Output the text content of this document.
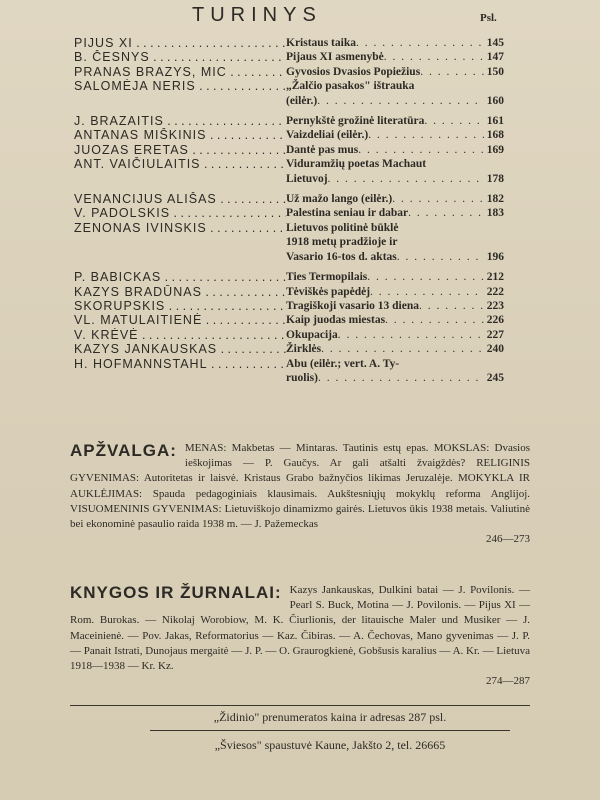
TURINYS	Psl.
PIJUS XI . . .	Kristaus taika . . .	145
B. ČESNYS . . .	Pijaus XI asmenybė . . .	147
PRANAS BRAZYS, MIC . . .	Gyvosios Dvasios Popiežius . . .	150
SALOMĖJA NERIS . . .	„Žalčio pasakos" ištrauka
(eilėr.) . . .	160
J. BRAZAITIS . . .	Pernykštė grožinė literatūra . . .	161
ANTANAS MIŠKINIS . . .	Vaizdeliai (eilėr.) . . .	168
JUOZAS ERETAS . . .	Dantė pas mus . . .	169
ANT. VAIČIULAITIS . . .	Viduramžių poetas Machaut
Lietuvoj . . .	178
VENANCIJUS ALIŠAS . . .	Už mažo lango (eilėr.) . . .	182
V. PADOLSKIS . . .	Palestina seniau ir dabar . . .	183
ZENONAS IVINSKIS . . .	Lietuvos politinė būklė
1918 metų pradžioje ir
Vasario 16-tos d. aktas . . .	196
P. BABICKAS . . .	Ties Termopilais . . .	212
KAZYS BRADŪNAS . . .	Tėviškės papėdėj . . .	222
SKORUPSKIS . . .	Tragiškoji vasario 13 diena . . .	223
VL. MATULAITIENĖ . . .	Kaip juodas miestas . . .	226
V. KRĖVĖ . . .	Okupacija . . .	227
KAZYS JANKAUSKAS . . .	Žirklės . . .	240
H. HOFMANNSTAHL . . .	Abu (eilėr.; vert. A. Ty-
ruolis) . . .	245
APŽVALGA: MENAS: Makbetas — Mintaras. Tautinis estų epas. MOKSLAS: Dvasios ieškojimas — P. Gaučys. Ar gali atšalti žvaigždės? RELIGINIS GYVENIMAS: Autoritetas ir laisvė. Kristaus Grabo bažnyčios likimas Jeruzalėje. MOKYKLA IR AUKLĖJIMAS: Spauda pedagoginiais klausimais. Aukštesniųjų mokyklų reforma Anglijoj. VISUOMENINIS GYVENIMAS: Lietuviškojo dinamizmo gairės. Lietuvos ūkis 1938 metais. Valiutinė bei ekonominė pasaulio raida 1938 m. — J. Pažemeckas
246—273
KNYGOS IR ŽURNALAI: Kazys Jankauskas, Dulkini batai — J. Povilonis. — Pearl S. Buck, Motina — J. Povilonis. — Pijus XI — Rom. Burokas. — Nikolaj Worobiow, M. K. Čiurlionis, der litauische Maler und Musiker — J. Maceinienė. — Pov. Jakas, Reformatorius — Kaz. Čibiras. — A. Čechovas, Mano gyvenimas — J. P. — Panait Istrati, Dunojaus mergaitė — J. P. — O. Graurogkienė, Gobšusis karalius — A. Kr. — Lietuva 1918—1938 — Kr. Kz.
274—287
„Židinio" prenumeratos kaina ir adresas 287 psl.
„Šviesos" spaustuvė Kaune, Jakšto 2, tel. 26665
